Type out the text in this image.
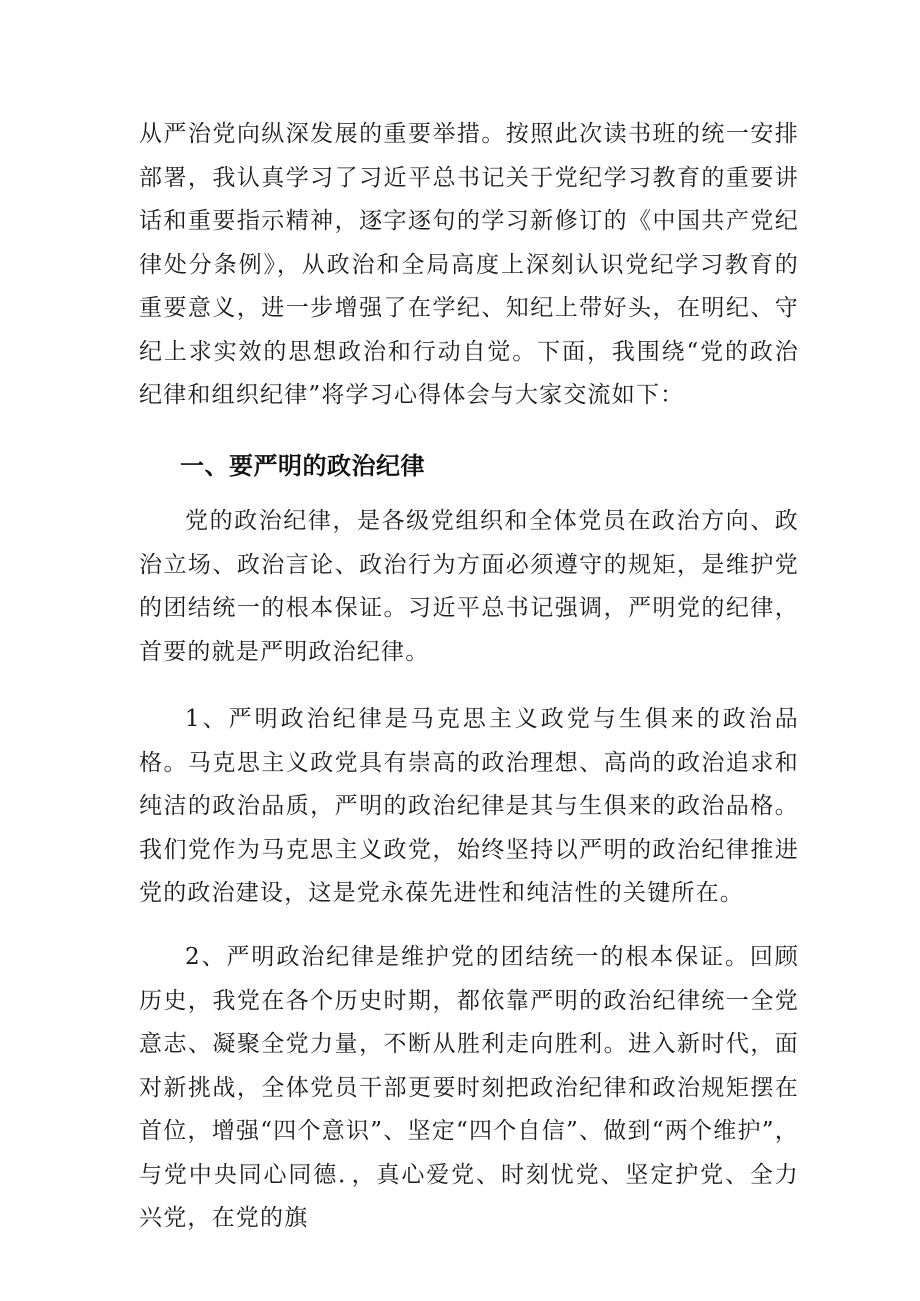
从严治党向纵深发展的重要举措。按照此次读书班的统一安排部署，我认真学习了习近平总书记关于党纪学习教育的重要讲话和重要指示精神，逐字逐句的学习新修订的《中国共产党纪律处分条例》，从政治和全局高度上深刻认识党纪学习教育的重要意义，进一步增强了在学纪、知纪上带好头，在明纪、守纪上求实效的思想政治和行动自觉。下面，我围绕“党的政治纪律和组织纪律”将学习心得体会与大家交流如下：

一、要严明的政治纪律

党的政治纪律，是各级党组织和全体党员在政治方向、政治立场、政治言论、政治行为方面必须遵守的规矩，是维护党的团结统一的根本保证。习近平总书记强调，严明党的纪律，首要的就是严明政治纪律。

1、严明政治纪律是马克思主义政党与生俱来的政治品格。马克思主义政党具有崇高的政治理想、高尚的政治追求和纯洁的政治品质，严明的政治纪律是其与生俱来的政治品格。我们党作为马克思主义政党，始终坚持以严明的政治纪律推进党的政治建设，这是党永葆先进性和纯洁性的关键所在。

2、严明政治纪律是维护党的团结统一的根本保证。回顾历史，我党在各个历史时期，都依靠严明的政治纪律统一全党意志、凝聚全党力量，不断从胜利走向胜利。进入新时代，面对新挑战，全体党员干部更要时刻把政治纪律和政治规矩摆在首位，增强“四个意识”、坚定“四个自信”、做到“两个维护”，与党中央同心同德．，真心爱党、时刻忧党、坚定护党、全力兴党，在党的旗
